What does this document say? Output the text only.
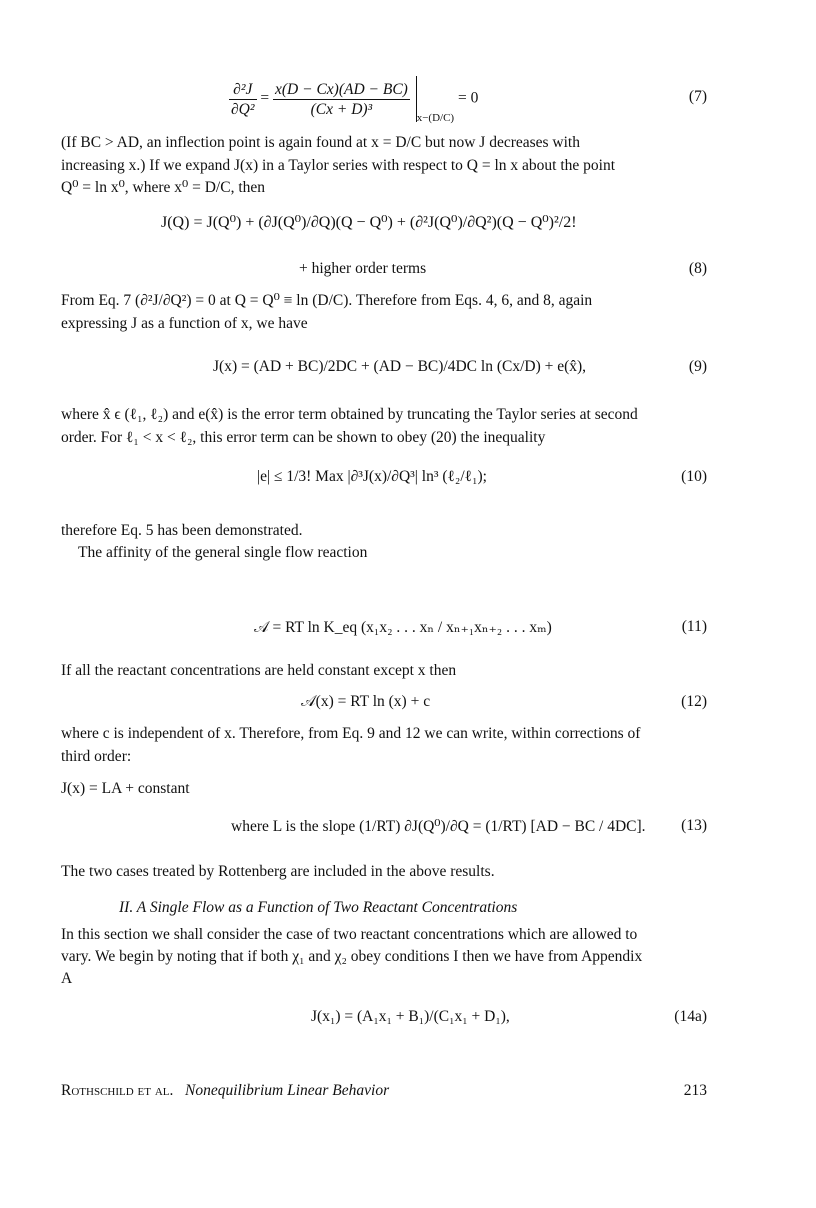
$\frac{\text{∂²J}}{\text{∂Q²}} = \frac{x(D - Cx)(AD - BC)}{\text{(Cx + D)³}} _{x-(D/C)} = 0$	(7)
(If BC > AD, an inflection point is again found at x = D/C but now J decreases with
increasing x.) If we expand J(x) in a Taylor series with respect to Q = ln x about the point
Q⁰ = ln x⁰, where x⁰ = D/C, then
J(Q) = J(Q⁰) + (∂J(Q⁰)/∂Q)(Q − Q⁰) + (∂²J(Q⁰)/∂Q²)(Q − Q⁰)²/2!
+ higher order terms	(8)
From Eq. 7 (∂²J/∂Q²) = 0 at Q = Q⁰ ≡ ln (D/C). Therefore from Eqs. 4, 6, and 8, again
expressing J as a function of x, we have
J(x) = (AD + BC)/2DC + (AD − BC)/4DC ln (Cx/D) + e(x̂),	(9)
where x̂ ϵ (ℓ₁, ℓ₂) and e(x̂) is the error term obtained by truncating the Taylor series at second
order. For ℓ₁ < x < ℓ₂, this error term can be shown to obey (20) the inequality
|e| ≤ 1/3! Max |∂³J(x)/∂Q³| ln³ (ℓ₂/ℓ₁);	(10)
therefore Eq. 5 has been demonstrated.
The affinity of the general single flow reaction
𝒜 = RT ln K_eq (x₁x₂ . . . xₙ / xₙ₊₁xₙ₊₂ . . . xₘ)	(11)
If all the reactant concentrations are held constant except x then
𝒜(x) = RT ln (x) + c	(12)
where c is independent of x. Therefore, from Eq. 9 and 12 we can write, within corrections of
third order:
J(x) = LA + constant
where L is the slope (1/RT) ∂J(Q⁰)/∂Q = (1/RT) [AD − BC / 4DC].	(13)
The two cases treated by Rottenberg are included in the above results.
II. A Single Flow as a Function of Two Reactant Concentrations
In this section we shall consider the case of two reactant concentrations which are allowed to
vary. We begin by noting that if both χ₁ and χ₂ obey conditions I then we have from Appendix
A
J(x₁) = (A₁x₁ + B₁)/(C₁x₁ + D₁),	(14a)
Rothschild et al. Nonequilibrium Linear Behavior	213
